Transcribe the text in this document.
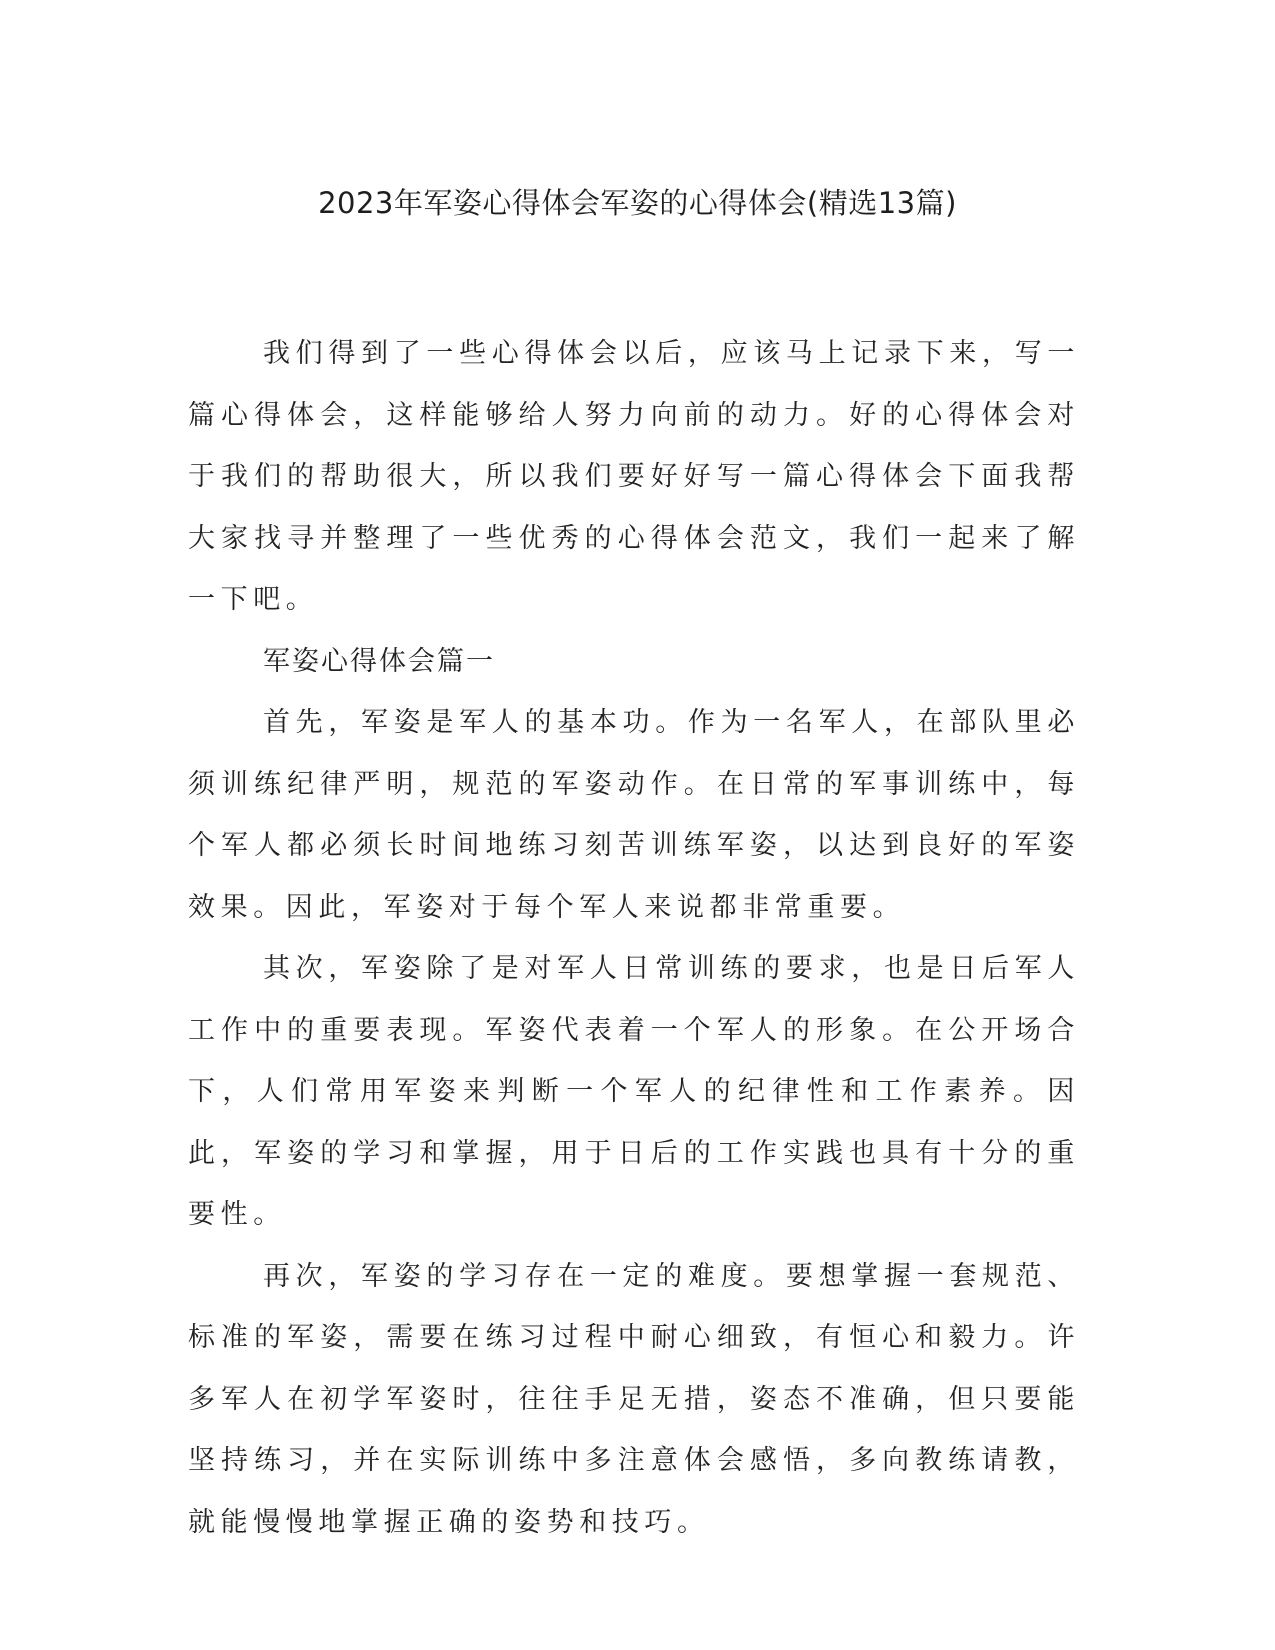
2023年军姿心得体会军姿的心得体会(精选13篇)

我们得到了一些心得体会以后，应该马上记录下来，写一篇心得体会，这样能够给人努力向前的动力。好的心得体会对于我们的帮助很大，所以我们要好好写一篇心得体会下面我帮大家找寻并整理了一些优秀的心得体会范文，我们一起来了解一下吧。

军姿心得体会篇一

首先，军姿是军人的基本功。作为一名军人，在部队里必须训练纪律严明，规范的军姿动作。在日常的军事训练中，每个军人都必须长时间地练习刻苦训练军姿，以达到良好的军姿效果。因此，军姿对于每个军人来说都非常重要。

其次，军姿除了是对军人日常训练的要求，也是日后军人工作中的重要表现。军姿代表着一个军人的形象。在公开场合下，人们常用军姿来判断一个军人的纪律性和工作素养。因此，军姿的学习和掌握，用于日后的工作实践也具有十分的重要性。

再次，军姿的学习存在一定的难度。要想掌握一套规范、标准的军姿，需要在练习过程中耐心细致，有恒心和毅力。许多军人在初学军姿时，往往手足无措，姿态不准确，但只要能坚持练习，并在实际训练中多注意体会感悟，多向教练请教，就能慢慢地掌握正确的姿势和技巧。
